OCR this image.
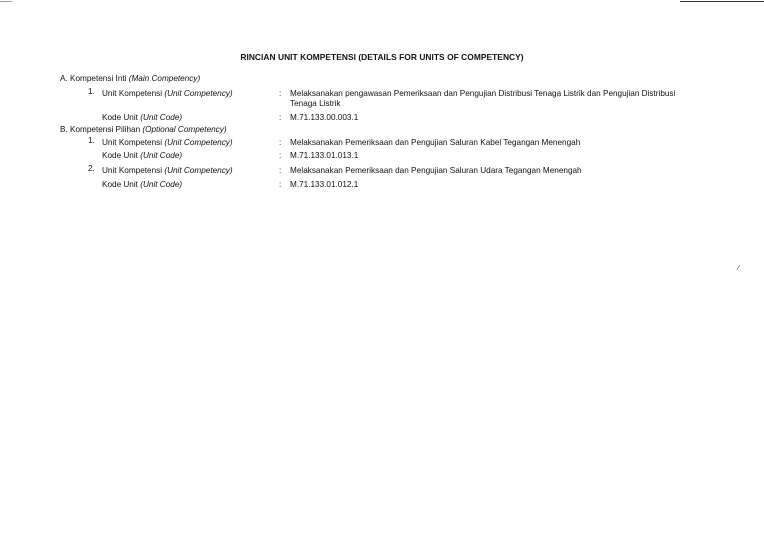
RINCIAN UNIT KOMPETENSI (DETAILS FOR UNITS OF COMPETENCY)
A. Kompetensi Inti (Main Competency)
1. Unit Kompetensi (Unit Competency)	: Melaksanakan pengawasan Pemeriksaan dan Pengujian Distribusi Tenaga Listrik dan Pengujian Distribusi Tenaga Listrik
Kode Unit (Unit Code)	: M.71.133.00.003.1
B. Kompetensi Pilihan (Optional Competency)
1. Unit Kompetensi (Unit Competency)	: Melaksanakan Pemeriksaan dan Pengujian Saluran Kabel Tegangan Menengah
Kode Unit (Unit Code)	: M.71.133.01.013.1
2. Unit Kompetensi (Unit Competency)	: Melaksanakan Pemeriksaan dan Pengujian Saluran Udara Tegangan Menengah
Kode Unit (Unit Code)	: M.71.133.01.012.1
⁄
